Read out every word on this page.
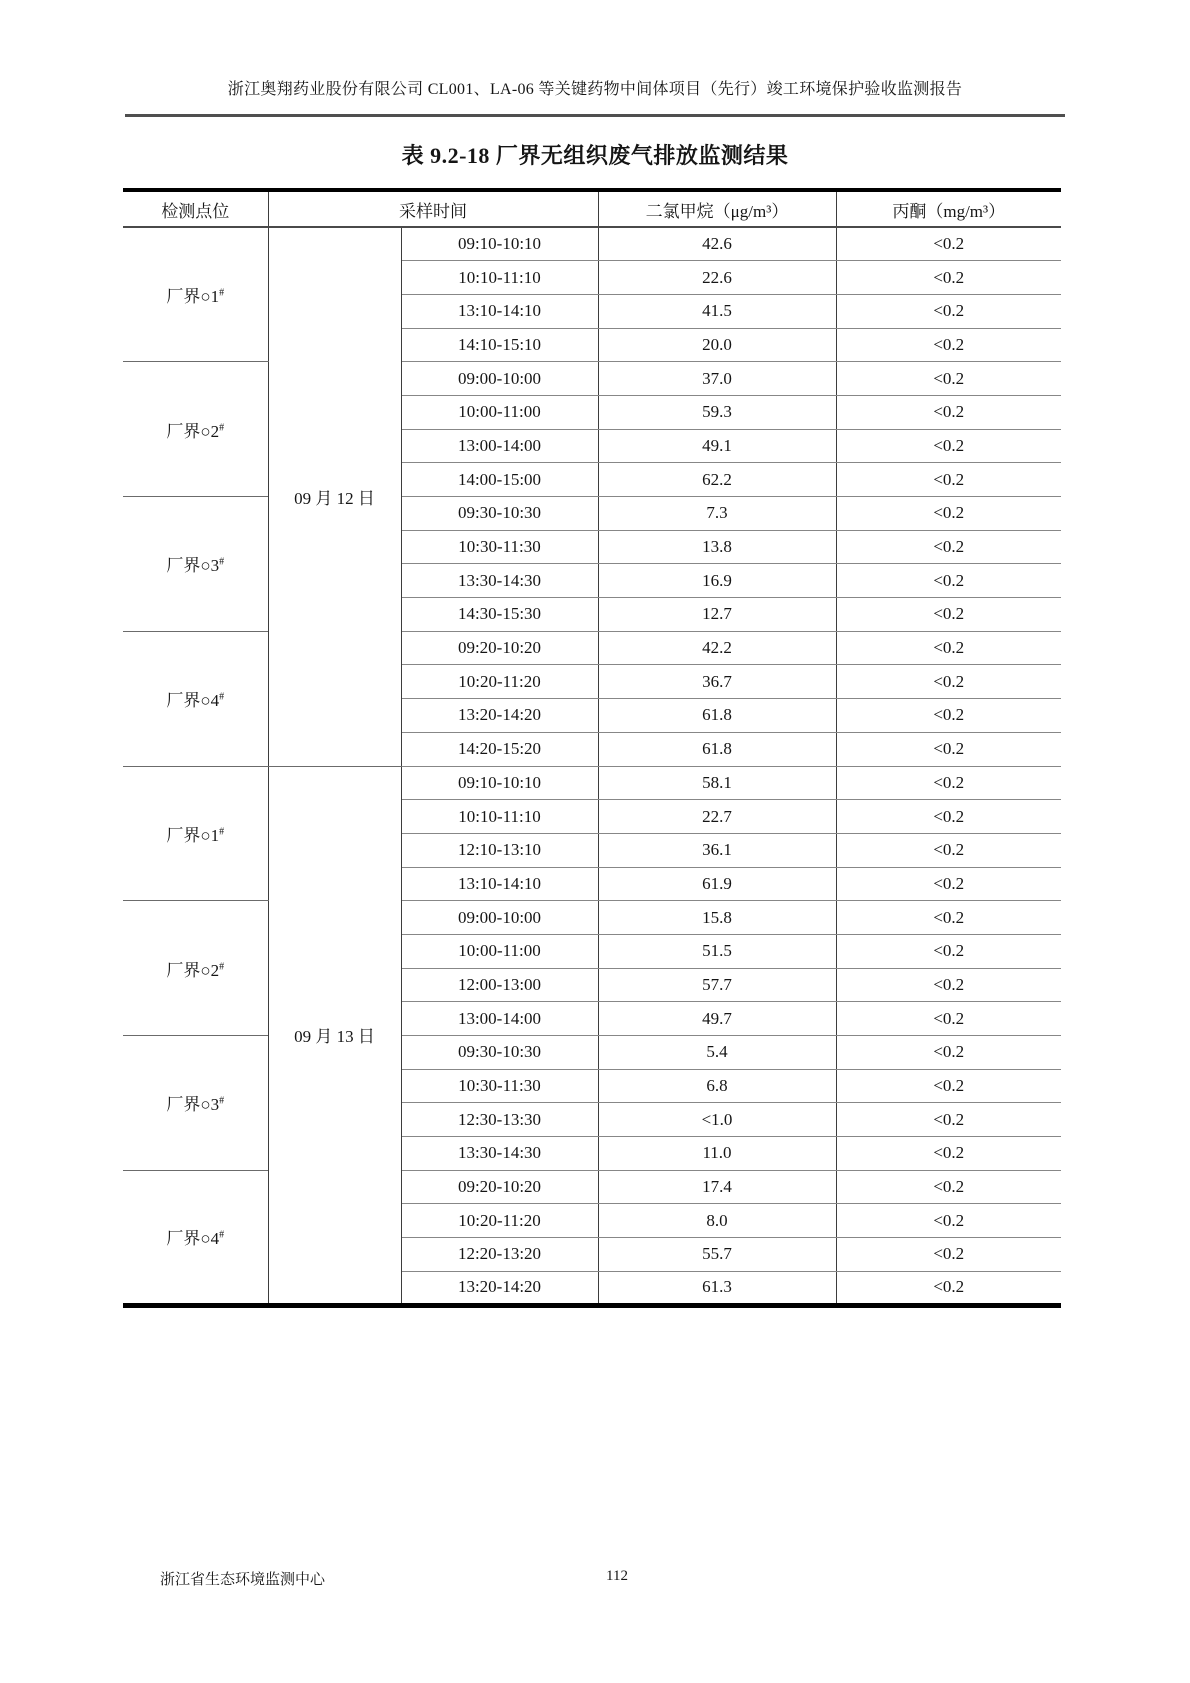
浙江奥翔药业股份有限公司 CL001、LA-06 等关键药物中间体项目（先行）竣工环境保护验收监测报告
表 9.2-18 厂界无组织废气排放监测结果
检测点位	采样时间		二氯甲烷（μg/m³）	丙酮（mg/m³）
厂界○1#	09 月 12 日	09:10-10:10	42.6	<0.2
		10:10-11:10	22.6	<0.2
		13:10-14:10	41.5	<0.2
		14:10-15:10	20.0	<0.2
厂界○2#		09:00-10:00	37.0	<0.2
		10:00-11:00	59.3	<0.2
		13:00-14:00	49.1	<0.2
		14:00-15:00	62.2	<0.2
厂界○3#		09:30-10:30	7.3	<0.2
		10:30-11:30	13.8	<0.2
		13:30-14:30	16.9	<0.2
		14:30-15:30	12.7	<0.2
厂界○4#		09:20-10:20	42.2	<0.2
		10:20-11:20	36.7	<0.2
		13:20-14:20	61.8	<0.2
		14:20-15:20	61.8	<0.2
厂界○1#	09 月 13 日	09:10-10:10	58.1	<0.2
		10:10-11:10	22.7	<0.2
		12:10-13:10	36.1	<0.2
		13:10-14:10	61.9	<0.2
厂界○2#		09:00-10:00	15.8	<0.2
		10:00-11:00	51.5	<0.2
		12:00-13:00	57.7	<0.2
		13:00-14:00	49.7	<0.2
厂界○3#		09:30-10:30	5.4	<0.2
		10:30-11:30	6.8	<0.2
		12:30-13:30	<1.0	<0.2
		13:30-14:30	11.0	<0.2
厂界○4#		09:20-10:20	17.4	<0.2
		10:20-11:20	8.0	<0.2
		12:20-13:20	55.7	<0.2
		13:20-14:20	61.3	<0.2
浙江省生态环境监测中心	112
